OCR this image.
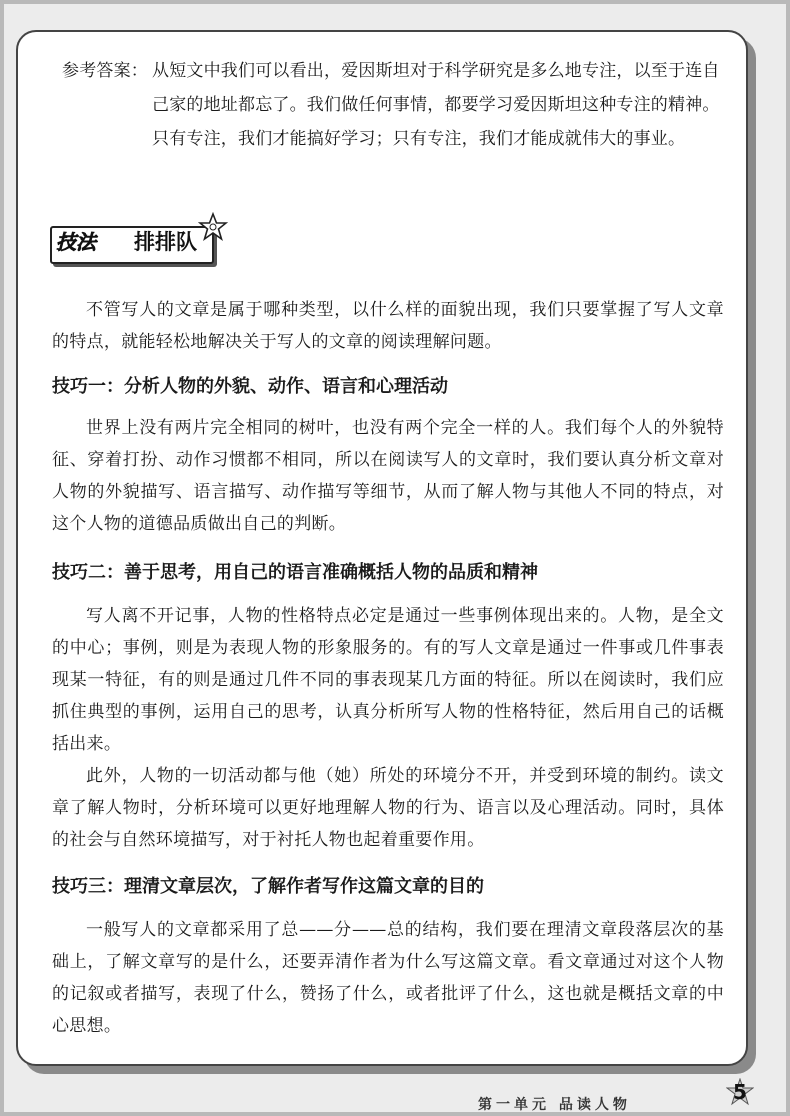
参考答案： 从短文中我们可以看出，爱因斯坦对于科学研究是多么地专注，以至于连自己家的地址都忘了。我们做任何事情，都要学习爱因斯坦这种专注的精神。只有专注，我们才能搞好学习；只有专注，我们才能成就伟大的事业。
技法 排排队

不管写人的文章是属于哪种类型，以什么样的面貌出现，我们只要掌握了写人文章的特点，就能轻松地解决关于写人的文章的阅读理解问题。

技巧一：分析人物的外貌、动作、语言和心理活动

世界上没有两片完全相同的树叶，也没有两个完全一样的人。我们每个人的外貌特征、穿着打扮、动作习惯都不相同，所以在阅读写人的文章时，我们要认真分析文章对人物的外貌描写、语言描写、动作描写等细节，从而了解人物与其他人不同的特点，对这个人物的道德品质做出自己的判断。

技巧二：善于思考，用自己的语言准确概括人物的品质和精神

写人离不开记事，人物的性格特点必定是通过一些事例体现出来的。人物，是全文的中心；事例，则是为表现人物的形象服务的。有的写人文章是通过一件事或几件事表现某一特征，有的则是通过几件不同的事表现某几方面的特征。所以在阅读时，我们应抓住典型的事例，运用自己的思考，认真分析所写人物的性格特征，然后用自己的话概括出来。

此外，人物的一切活动都与他（她）所处的环境分不开，并受到环境的制约。读文章了解人物时，分析环境可以更好地理解人物的行为、语言以及心理活动。同时，具体的社会与自然环境描写，对于衬托人物也起着重要作用。

技巧三：理清文章层次，了解作者写作这篇文章的目的

一般写人的文章都采用了总——分——总的结构，我们要在理清文章段落层次的基础上，了解文章写的是什么，还要弄清作者为什么写这篇文章。看文章通过对这个人物的记叙或者描写，表现了什么，赞扬了什么，或者批评了什么，这也就是概括文章的中心思想。

第一单元 品读人物
5
